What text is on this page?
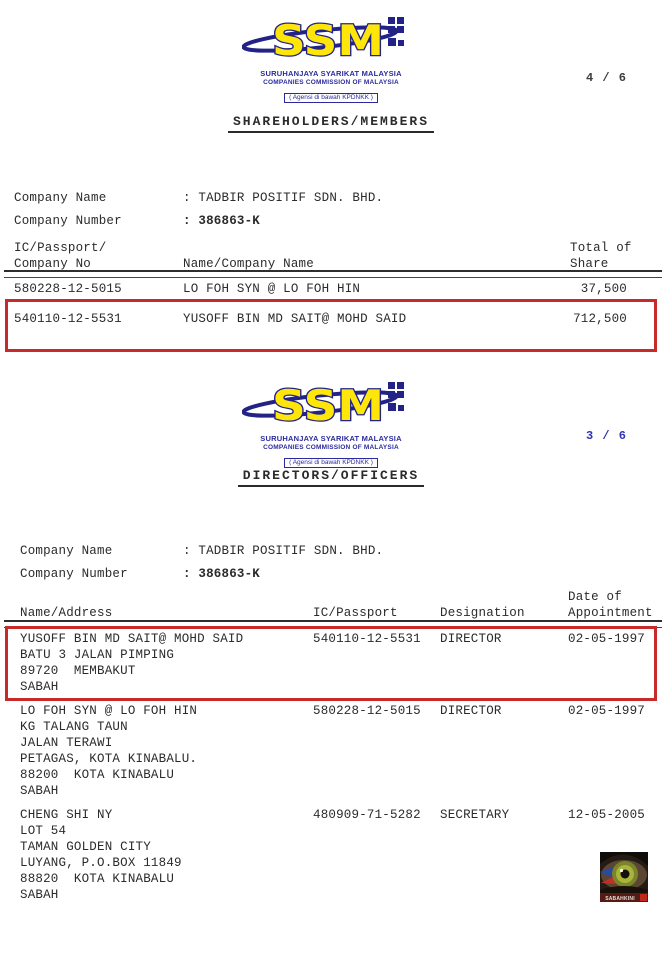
SSM
SURUHANJAYA SYARIKAT MALAYSIA
COMPANIES COMMISSION OF MALAYSIA
( Agensi di bawah KPDNKK )
4 / 6
SHAREHOLDERS/MEMBERS
Company Name	: TADBIR POSITIF SDN. BHD.
Company Number	: 386863-K
IC/Passport/	Total of
Company No	Name/Company Name	Share
580228-12-5015	LO FOH SYN @ LO FOH HIN	37,500
540110-12-5531	YUSOFF BIN MD SAIT@ MOHD SAID	712,500
SSM
SURUHANJAYA SYARIKAT MALAYSIA
COMPANIES COMMISSION OF MALAYSIA
( Agensi di bawah KPDNKK )
3 / 6
DIRECTORS/OFFICERS
Company Name	: TADBIR POSITIF SDN. BHD.
Company Number	: 386863-K
Date of
Name/Address	IC/Passport	Designation	Appointment
YUSOFF BIN MD SAIT@ MOHD SAID
BATU 3 JALAN PIMPING
89720  MEMBAKUT
SABAH
540110-12-5531 DIRECTOR	02-05-1997
LO FOH SYN @ LO FOH HIN
KG TALANG TAUN
JALAN TERAWI
PETAGAS, KOTA KINABALU.
88200  KOTA KINABALU
SABAH
580228-12-5015 DIRECTOR	02-05-1997
CHENG SHI NY
LOT 54
TAMAN GOLDEN CITY
LUYANG, P.O.BOX 11849
88820  KOTA KINABALU
SABAH
480909-71-5282 SECRETARY	12-05-2005
SABAHKINI
